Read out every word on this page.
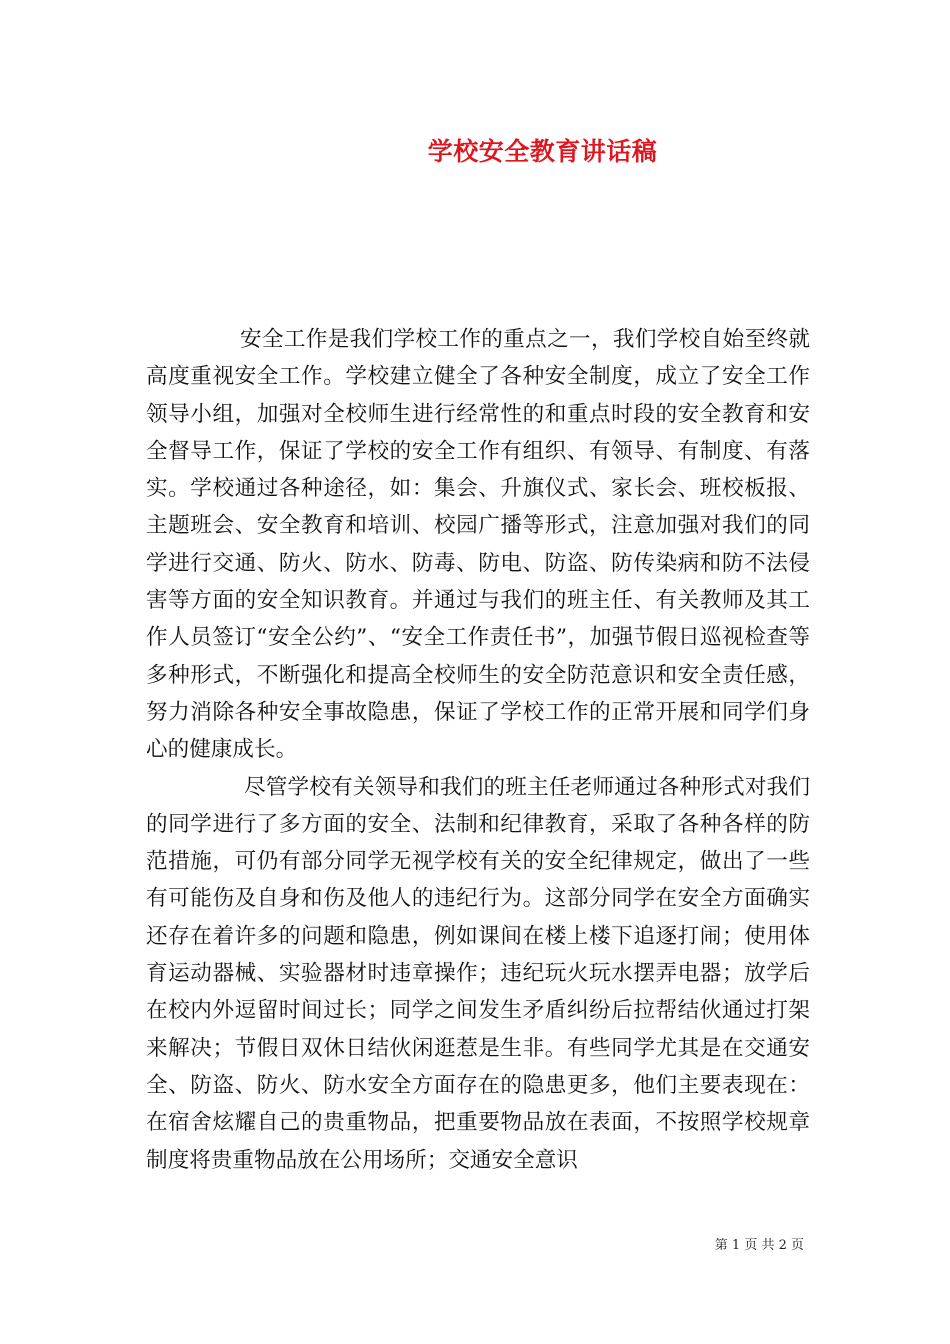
学校安全教育讲话稿

安全工作是我们学校工作的重点之一，我们学校自始至终就高度重视安全工作。学校建立健全了各种安全制度，成立了安全工作领导小组，加强对全校师生进行经常性的和重点时段的安全教育和安全督导工作，保证了学校的安全工作有组织、有领导、有制度、有落实。学校通过各种途径，如：集会、升旗仪式、家长会、班校板报、主题班会、安全教育和培训、校园广播等形式，注意加强对我们的同学进行交通、防火、防水、防毒、防电、防盗、防传染病和防不法侵害等方面的安全知识教育。并通过与我们的班主任、有关教师及其工作人员签订“安全公约”、“安全工作责任书”，加强节假日巡视检查等多种形式，不断强化和提高全校师生的安全防范意识和安全责任感，努力消除各种安全事故隐患，保证了学校工作的正常开展和同学们身心的健康成长。

尽管学校有关领导和我们的班主任老师通过各种形式对我们的同学进行了多方面的安全、法制和纪律教育，采取了各种各样的防范措施，可仍有部分同学无视学校有关的安全纪律规定，做出了一些有可能伤及自身和伤及他人的违纪行为。这部分同学在安全方面确实还存在着许多的问题和隐患，例如课间在楼上楼下追逐打闹；使用体育运动器械、实验器材时违章操作；违纪玩火玩水摆弄电器；放学后在校内外逗留时间过长；同学之间发生矛盾纠纷后拉帮结伙通过打架来解决；节假日双休日结伙闲逛惹是生非。有些同学尤其是在交通安全、防盗、防火、防水安全方面存在的隐患更多，他们主要表现在：在宿舍炫耀自己的贵重物品，把重要物品放在表面，不按照学校规章制度将贵重物品放在公用场所；交通安全意识

第 1 页 共 2 页
